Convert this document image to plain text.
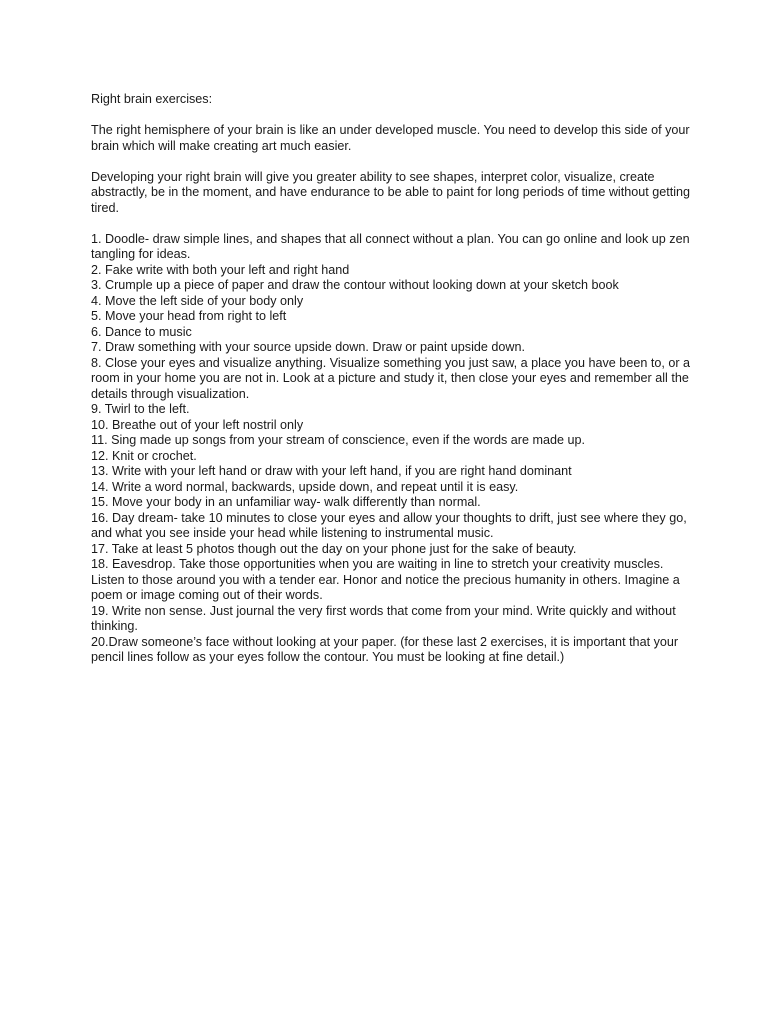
Right brain exercises:

The right hemisphere of your brain is like an under developed muscle. You need to develop this side of your brain which will make creating art much easier.

Developing your right brain will give you greater ability to see shapes, interpret color, visualize, create abstractly, be in the moment, and have endurance to be able to paint for long periods of time without getting tired.

1. Doodle- draw simple lines, and shapes that all connect without a plan. You can go online and look up zen tangling for ideas.
2. Fake write with both your left and right hand
3. Crumple up a piece of paper and draw the contour without looking down at your sketch book
4. Move the left side of your body only
5. Move your head from right to left
6. Dance to music
7. Draw something with your source upside down. Draw or paint upside down.
8. Close your eyes and visualize anything. Visualize something you just saw, a place you have been to, or a room in your home you are not in. Look at a picture and study it, then close your eyes and remember all the details through visualization.
9. Twirl to the left.
10. Breathe out of your left nostril only
11. Sing made up songs from your stream of conscience, even if the words are made up.
12. Knit or crochet.
13. Write with your left hand or draw with your left hand, if you are right hand dominant
14. Write a word normal, backwards, upside down, and repeat until it is easy.
15. Move your body in an unfamiliar way- walk differently than normal.
16. Day dream- take 10 minutes to close your eyes and allow your thoughts to drift, just see where they go, and what you see inside your head while listening to instrumental music.
17. Take at least 5 photos though out the day on your phone just for the sake of beauty.
18. Eavesdrop. Take those opportunities when you are waiting in line to stretch your creativity muscles. Listen to those around you with a tender ear. Honor and notice the precious humanity in others. Imagine a poem or image coming out of their words.
19. Write non sense. Just journal the very first words that come from your mind. Write quickly and without thinking.
20.Draw someone’s face without looking at your paper. (for these last 2 exercises, it is important that your pencil lines follow as your eyes follow the contour. You must be looking at fine detail.)
